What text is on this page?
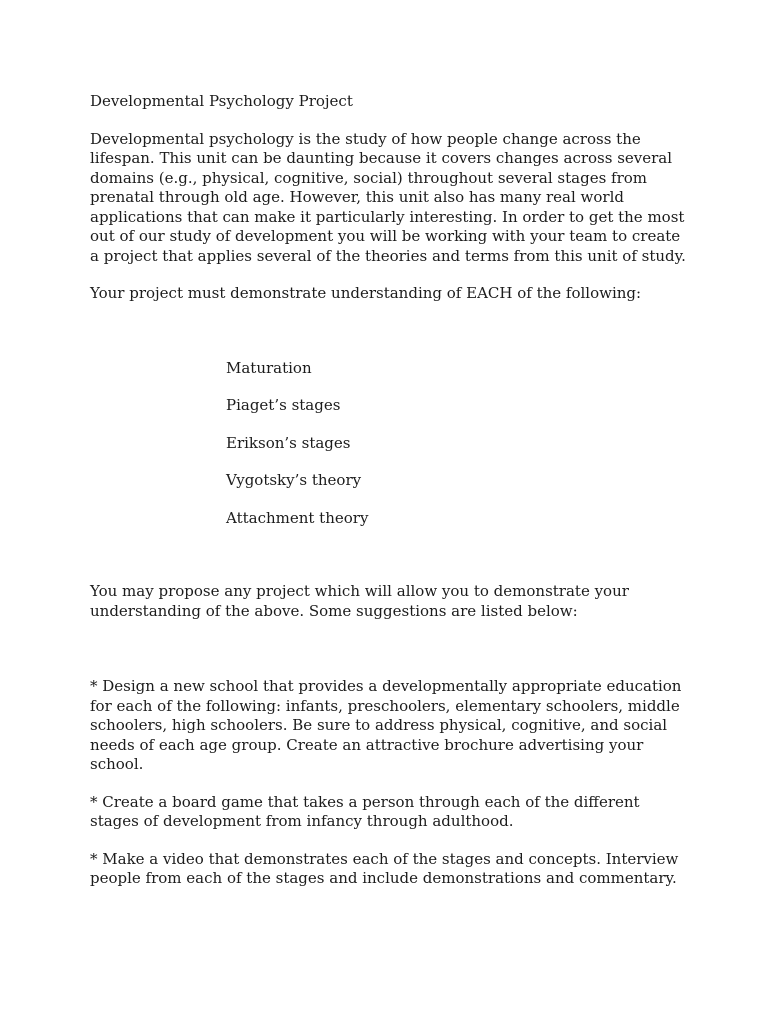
Developmental Psychology Project

Developmental psychology is the study of how people change across the lifespan. This unit can be daunting because it covers changes across several domains (e.g., physical, cognitive, social) throughout several stages from prenatal through old age. However, this unit also has many real world applications that can make it particularly interesting. In order to get the most out of our study of development you will be working with your team to create a project that applies several of the theories and terms from this unit of study.

Your project must demonstrate understanding of EACH of the following:

Maturation
Piaget’s stages
Erikson’s stages
Vygotsky’s theory
Attachment theory

You may propose any project which will allow you to demonstrate your understanding of the above. Some suggestions are listed below:

* Design a new school that provides a developmentally appropriate education for each of the following: infants, preschoolers, elementary schoolers, middle schoolers, high schoolers. Be sure to address physical, cognitive, and social needs of each age group. Create an attractive brochure advertising your school.

* Create a board game that takes a person through each of the different stages of development from infancy through adulthood.

* Make a video that demonstrates each of the stages and concepts. Interview people from each of the stages and include demonstrations and commentary.
